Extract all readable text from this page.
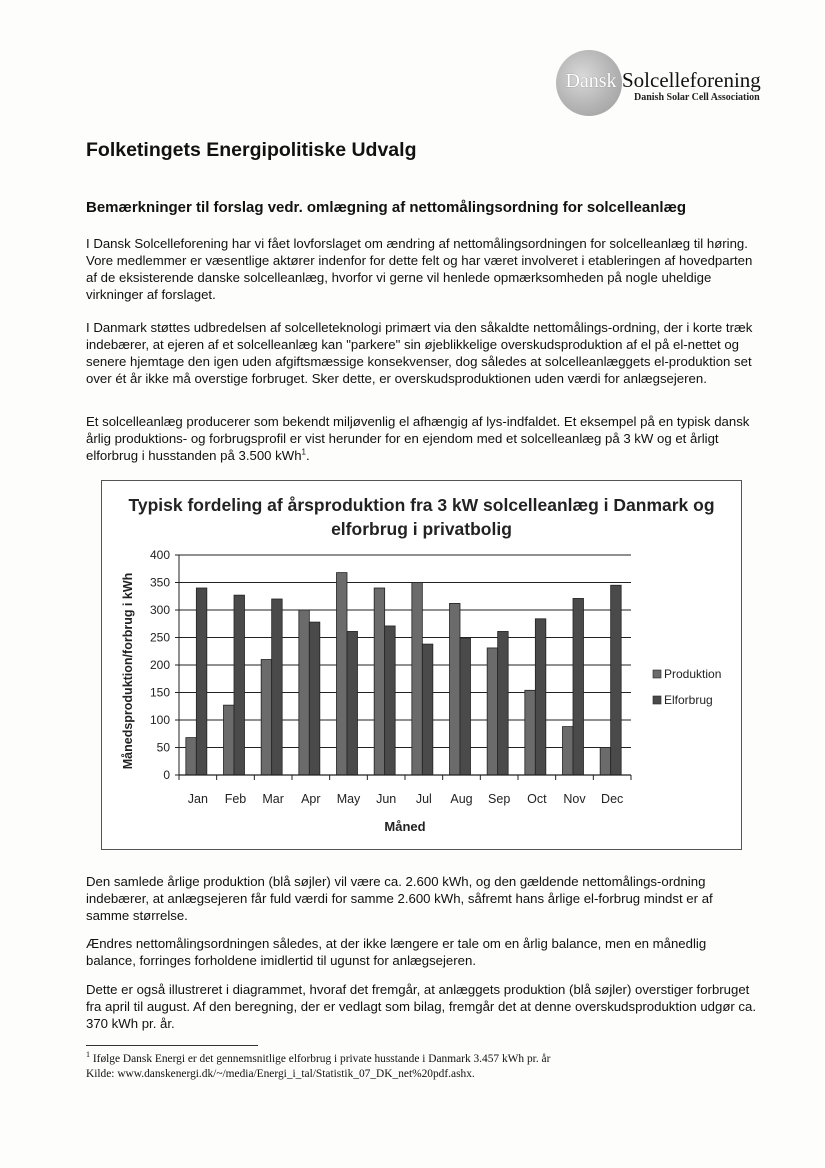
Dansk Solcelleforening
Danish Solar Cell Association
Folketingets Energipolitiske Udvalg
Bemærkninger til forslag vedr. omlægning af nettomålingsordning for solcelleanlæg

I Dansk Solcelleforening har vi fået lovforslaget om ændring af nettomålingsordningen for solcelleanlæg til høring. Vore medlemmer er væsentlige aktører indenfor for dette felt og har været involveret i etableringen af hovedparten af de eksisterende danske solcelleanlæg, hvorfor vi gerne vil henlede opmærksomheden på nogle uheldige virkninger af forslaget.

I Danmark støttes udbredelsen af solcelleteknologi primært via den såkaldte nettomålings-ordning, der i korte træk indebærer, at ejeren af et solcelleanlæg kan "parkere" sin øjeblikkelige overskudsproduktion af el på el-nettet og senere hjemtage den igen uden afgiftsmæssige konsekvenser, dog således at solcelleanlæggets el-produktion set over ét år ikke må overstige forbruget. Sker dette, er overskudsproduktionen uden værdi for anlægsejeren.

Et solcelleanlæg producerer som bekendt miljøvenlig el afhængig af lys-indfaldet. Et eksempel på en typisk dansk årlig produktions- og forbrugsprofil er vist herunder for en ejendom med et solcelleanlæg på 3 kW og et årligt elforbrug i husstanden på 3.500 kWh$^1$.

Typisk fordeling af årsproduktion fra 3 kW solcelleanlæg i Danmark og elforbrug i privatbolig
0
50
100
150
200
250
300
350
400
Jan Feb Mar Apr May Jun Jul Aug Sep Oct Nov Dec
Måned
Månedsproduktion/forbrug i kWh	Produktion
Elforbrug

Den samlede årlige produktion (blå søjler) vil være ca. 2.600 kWh, og den gældende nettomålings-ordning indebærer, at anlægsejeren får fuld værdi for samme 2.600 kWh, såfremt hans årlige el-forbrug mindst er af samme størrelse.

Ændres nettomålingsordningen således, at der ikke længere er tale om en årlig balance, men en månedlig balance, forringes forholdene imidlertid til ugunst for anlægsejeren.

Dette er også illustreret i diagrammet, hvoraf det fremgår, at anlæggets produktion (blå søjler) overstiger forbruget fra april til august. Af den beregning, der er vedlagt som bilag, fremgår det at denne overskudsproduktion udgør ca. 370 kWh pr. år.

$^1$ Ifølge Dansk Energi er det gennemsnitlige elforbrug i private husstande i Danmark 3.457 kWh pr. år
Kilde: www.danskenergi.dk/~/media/Energi_i_tal/Statistik_07_DK_net%20pdf.ashx.
